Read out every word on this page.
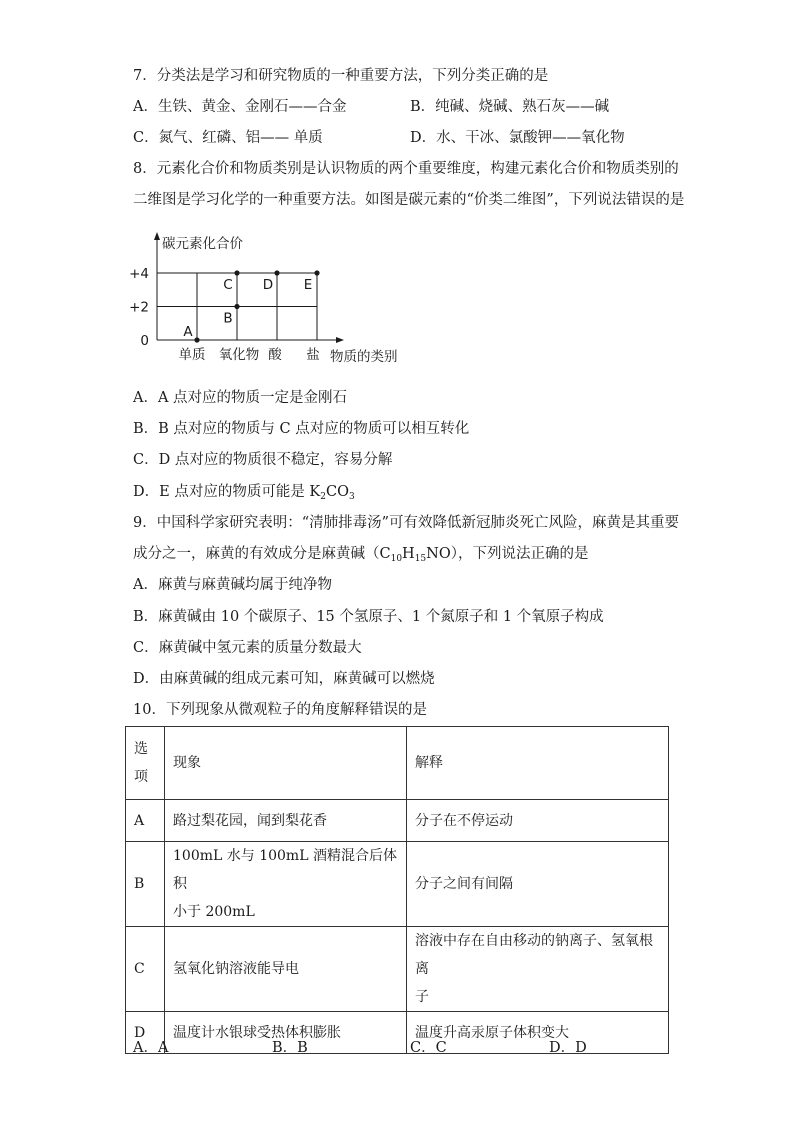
7．分类法是学习和研究物质的一种重要方法，下列分类正确的是
A．生铁、黄金、金刚石——合金	B．纯碱、烧碱、熟石灰——碱
C．氮气、红磷、铝—— 单质	D．水、干冰、氯酸钾——氧化物
8．元素化合价和物质类别是认识物质的两个重要维度，构建元素化合价和物质类别的
二维图是学习化学的一种重要方法。如图是碳元素的“价类二维图”，下列说法错误的是
+4
+2
0
单质 氧化物 酸 盐
A
B
C D E
碳元素化合价
物质的类别
A．A 点对应的物质一定是金刚石
B．B 点对应的物质与 C 点对应的物质可以相互转化
C．D 点对应的物质很不稳定，容易分解
D．E 点对应的物质可能是 $K_2CO_3$
9．中国科学家研究表明：“清肺排毒汤”可有效降低新冠肺炎死亡风险，麻黄是其重要
成分之一，麻黄的有效成分是麻黄碱$(C_{10}H_{15}NO)$，下列说法正确的是
A．麻黄与麻黄碱均属于纯净物
B．麻黄碱由 10 个碳原子、15 个氢原子、1 个氮原子和 1 个氧原子构成
C．麻黄碱中氢元素的质量分数最大
D．由麻黄碱的组成元素可知，麻黄碱可以燃烧
10．下列现象从微观粒子的角度解释错误的是
选
项	现象	解释
A	路过梨花园，闻到梨花香	分子在不停运动
B	100mL 水与 100mL 酒精混合后体积
小于 200mL	分子之间有间隔
C	氢氧化钠溶液能导电	溶液中存在自由移动的钠离子、氢氧根离
子

D	温度计水银球受热体积膨胀	温度升高汞原子体积变大
A．A	B．B	C．C	D．D
